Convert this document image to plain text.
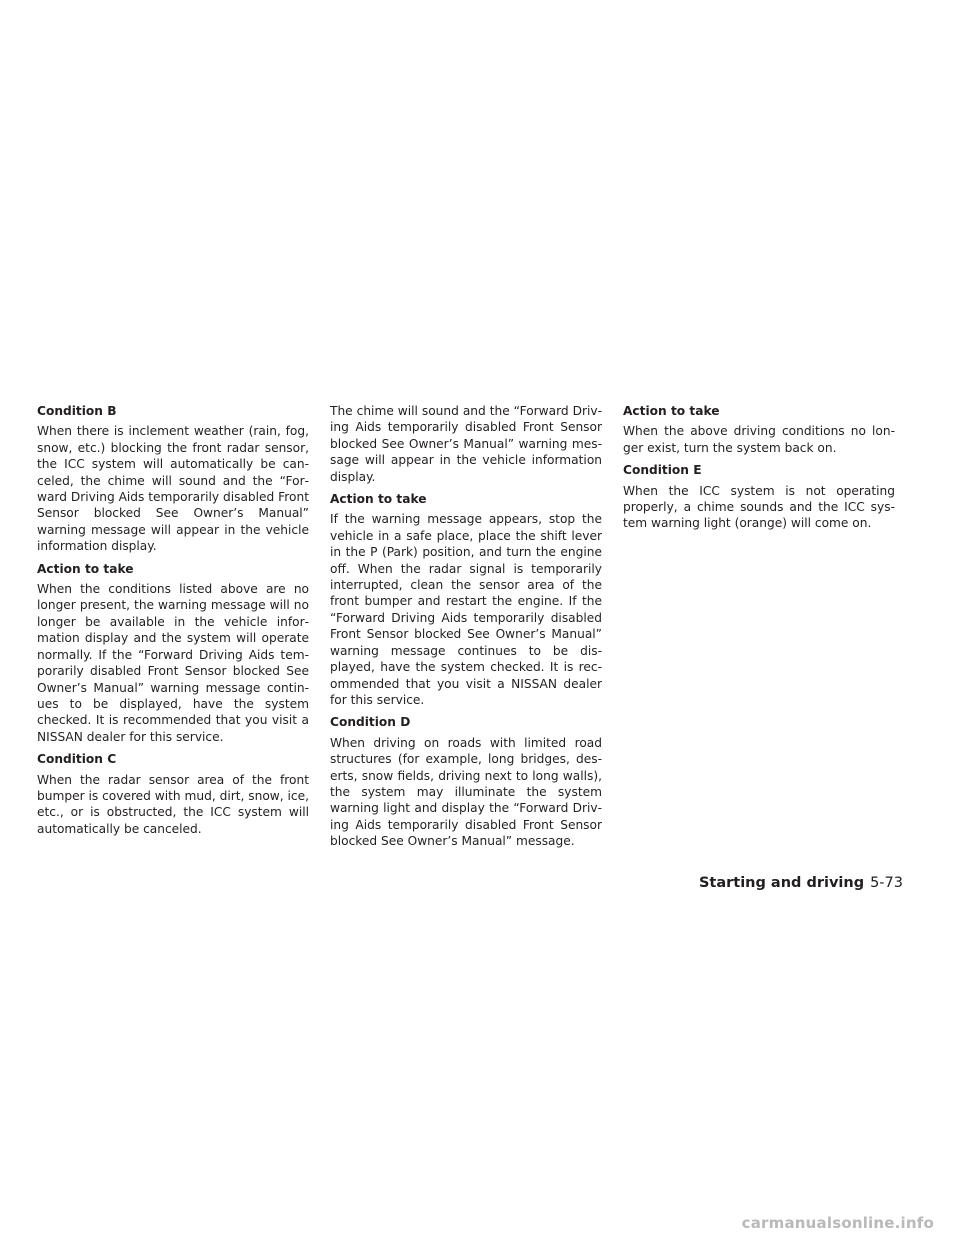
Condition B

When there is inclement weather (rain, fog, snow, etc.) blocking the front radar sensor, the ICC system will automatically be canceled, the chime will sound and the “Forward Driving Aids temporarily disabled Front Sensor blocked See Owner’s Manual” warning message will appear in the vehicle information display.

Action to take

When the conditions listed above are no longer present, the warning message will no longer be available in the vehicle information display and the system will operate normally. If the “Forward Driving Aids temporarily disabled Front Sensor blocked See Owner’s Manual” warning message continues to be displayed, have the system checked. It is recommended that you visit a NISSAN dealer for this service.

Condition C

When the radar sensor area of the front bumper is covered with mud, dirt, snow, ice, etc., or is obstructed, the ICC system will automatically be canceled.

The chime will sound and the “Forward Driving Aids temporarily disabled Front Sensor blocked See Owner’s Manual” warning message will appear in the vehicle information display.

Action to take

If the warning message appears, stop the vehicle in a safe place, place the shift lever in the P (Park) position, and turn the engine off. When the radar signal is temporarily interrupted, clean the sensor area of the front bumper and restart the engine. If the “Forward Driving Aids temporarily disabled Front Sensor blocked See Owner’s Manual” warning message continues to be displayed, have the system checked. It is recommended that you visit a NISSAN dealer for this service.

Condition D

When driving on roads with limited road structures (for example, long bridges, deserts, snow fields, driving next to long walls), the system may illuminate the system warning light and display the “Forward Driving Aids temporarily disabled Front Sensor blocked See Owner’s Manual” message.

Action to take

When the above driving conditions no longer exist, turn the system back on.

Condition E

When the ICC system is not operating properly, a chime sounds and the ICC system warning light (orange) will come on.

Starting and driving 5-73
carmanualsonline.info
